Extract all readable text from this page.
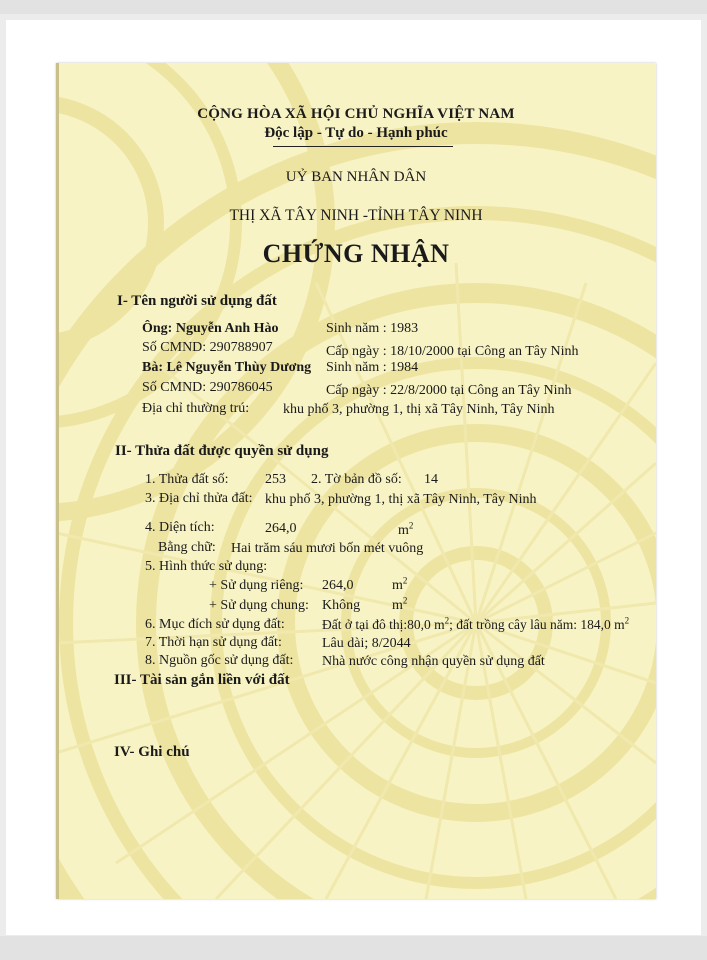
CỘNG HÒA XÃ HỘI CHỦ NGHĨA VIỆT NAM
Độc lập - Tự do - Hạnh phúc
UỶ BAN NHÂN DÂN
THỊ XÃ TÂY NINH -TỈNH TÂY NINH
CHỨNG NHẬN
I- Tên người sử dụng đất
Ông: Nguyễn Anh Hào	Sinh năm : 1983
Số CMND: 290788907	Cấp ngày : 18/10/2000 tại Công an Tây Ninh
Bà: Lê Nguyễn Thùy Dương Sinh năm : 1984
Số CMND: 290786045	Cấp ngày : 22/8/2000 tại Công an Tây Ninh
Địa chỉ thường trú: khu phố 3, phường 1, thị xã Tây Ninh, Tây Ninh
II- Thửa đất được quyền sử dụng
1. Thửa đất số:	253 2. Tờ bản đồ số: 14
3. Địa chỉ thửa đất: khu phố 3, phường 1, thị xã Tây Ninh, Tây Ninh
4. Diện tích:	264,0	$m^2$
Bằng chữ: Hai trăm sáu mươi bốn mét vuông
5. Hình thức sử dụng:
+ Sử dụng riêng: 264,0	$m^2$
+ Sử dụng chung: Không $m^2$
6. Mục đích sử dụng đất:	Đất ở tại đô thị:80,0 $m^2$; đất trồng cây lâu năm: 184,0 $m^2$
7. Thời hạn sử dụng đất:	Lâu dài; 8/2044
8. Nguồn gốc sử dụng đất: Nhà nước công nhận quyền sử dụng đất
III- Tài sản gắn liền với đất
IV- Ghi chú
